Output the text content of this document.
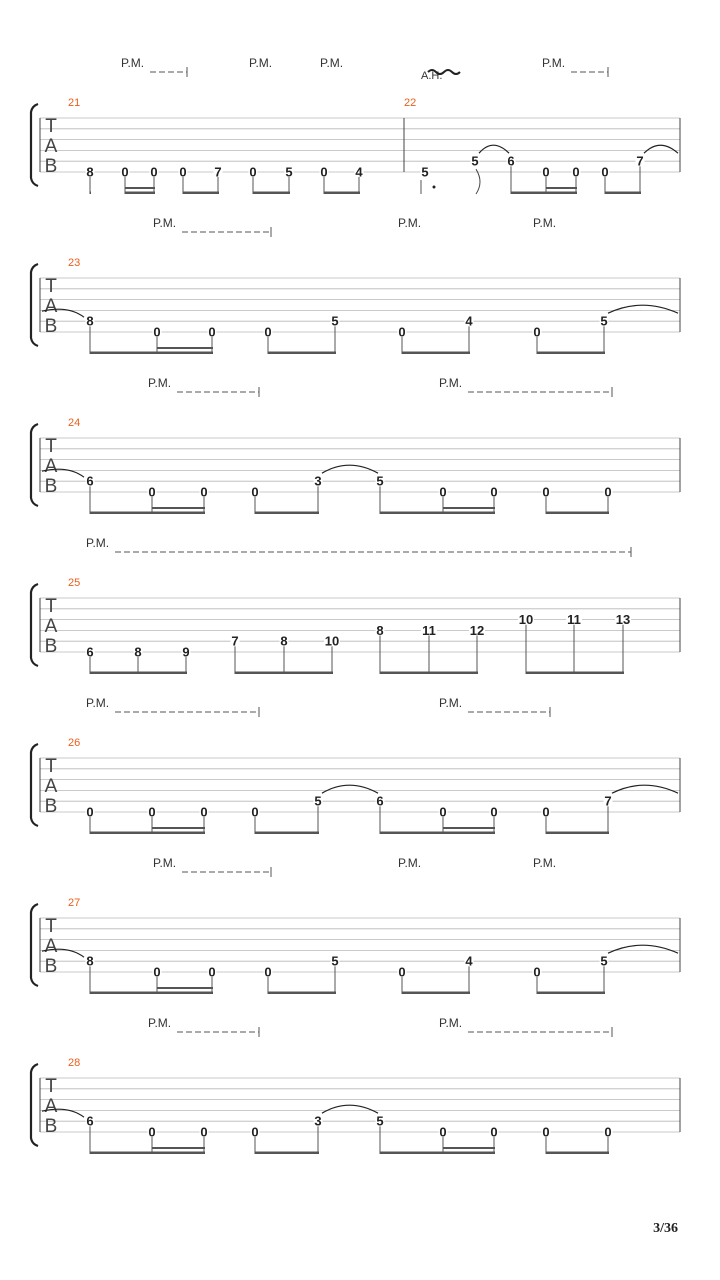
T
A
B
21	22
8 0 0 0 7 0 5 0 4	5
5 6
0 0 0
7
P.M.	P.M.	P.M.	P.M.
A.H.
T
A
B
23
8
0	0	0
5
0
4
0
5
P.M.	P.M.	P.M.
T
A
B
24
6
0	0	0
3	5
0	0	0	0
P.M.	P.M.
T
A
B
25
6	8	9
7	8	10
8	11	12
10	11	13
P.M.
T
A
B
26
0	0	0	0
5	6
0	0	0
7
P.M.	P.M.
T
A
B
27
8
0	0	0
5
0
4
0
5
P.M.	P.M.	P.M.
T
A
B
28
6
0	0	0
3	5
0	0	0	0
P.M.	P.M.
3/36
